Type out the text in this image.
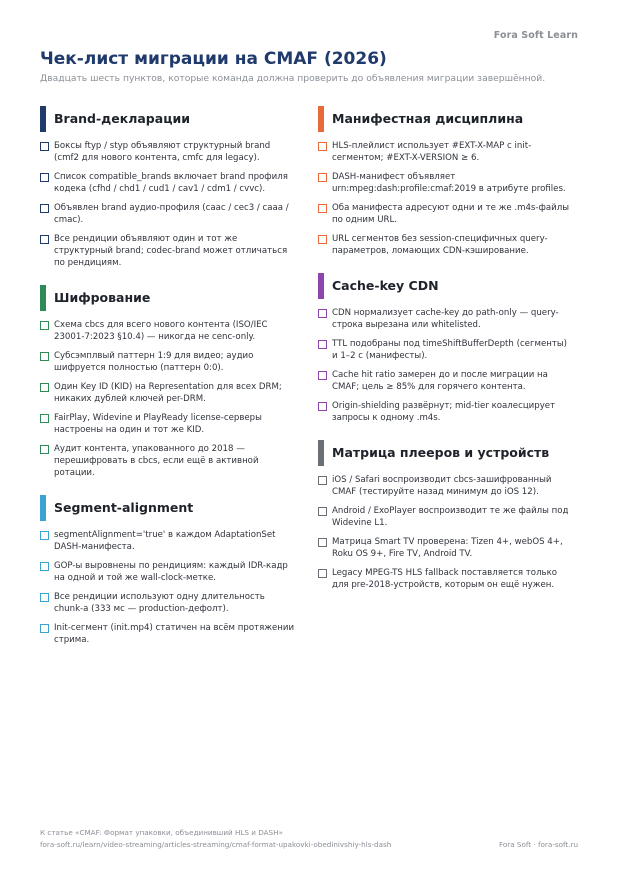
Fora Soft Learn
Чек-лист миграции на CMAF (2026)
Двадцать шесть пунктов, которые команда должна проверить до объявления миграции завершённой.
Brand-декларации
Боксы ftyp / styp объявляют структурный brand (cmf2 для нового контента, cmfc для legacy).
Список compatible_brands включает brand профиля кодека (cfhd / chd1 / cud1 / cav1 / cdm1 / cvvc).
Объявлен brand аудио-профиля (caac / cec3 / caaa / cmac).
Все рендиции объявляют один и тот же структурный brand; codec-brand может отличаться по рендициям.
Шифрование
Схема cbcs для всего нового контента (ISO/IEC 23001-7:2023 §10.4) — никогда не cenc-only.
Субсэмплвый паттерн 1:9 для видео; аудио шифруется полностью (паттерн 0:0).
Один Key ID (KID) на Representation для всех DRM; никаких дублей ключей per-DRM.
FairPlay, Widevine и PlayReady license-серверы настроены на один и тот же KID.
Аудит контента, упакованного до 2018 — перешифровать в cbcs, если ещё в активной ротации.
Segment-alignment
segmentAlignment='true' в каждом AdaptationSet DASH-манифеста.
GOP-ы выровнены по рендициям: каждый IDR-кадр на одной и той же wall-clock-метке.
Все рендиции используют одну длительность chunk-а (333 мс — production-дефолт).
Init-сегмент (init.mp4) статичен на всём протяжении стрима.
Манифестная дисциплина
HLS-плейлист использует #EXT-X-MAP с init-сегментом; #EXT-X-VERSION ≥ 6.
DASH-манифест объявляет urn:mpeg:dash:profile:cmaf:2019 в атрибуте profiles.
Оба манифеста адресуют одни и те же .m4s-файлы по одним URL.
URL сегментов без session-специфичных query-параметров, ломающих CDN-кэширование.
Cache-key CDN
CDN нормализует cache-key до path-only — query-строка вырезана или whitelisted.
TTL подобраны под timeShiftBufferDepth (сегменты) и 1–2 с (манифесты).
Cache hit ratio замерен до и после миграции на CMAF; цель ≥ 85% для горячего контента.
Origin-shielding развёрнут; mid-tier коалесцирует запросы к одному .m4s.
Матрица плееров и устройств
iOS / Safari воспроизводит cbcs-зашифрованный CMAF (тестируйте назад минимум до iOS 12).
Android / ExoPlayer воспроизводит те же файлы под Widevine L1.
Матрица Smart TV проверена: Tizen 4+, webOS 4+, Roku OS 9+, Fire TV, Android TV.
Legacy MPEG-TS HLS fallback поставляется только для pre-2018-устройств, которым он ещё нужен.
К статье «CMAF: Формат упаковки, объединивший HLS и DASH»
fora-soft.ru/learn/video-streaming/articles-streaming/cmaf-format-upakovki-obedinivshiy-hls-dash	Fora Soft · fora-soft.ru
